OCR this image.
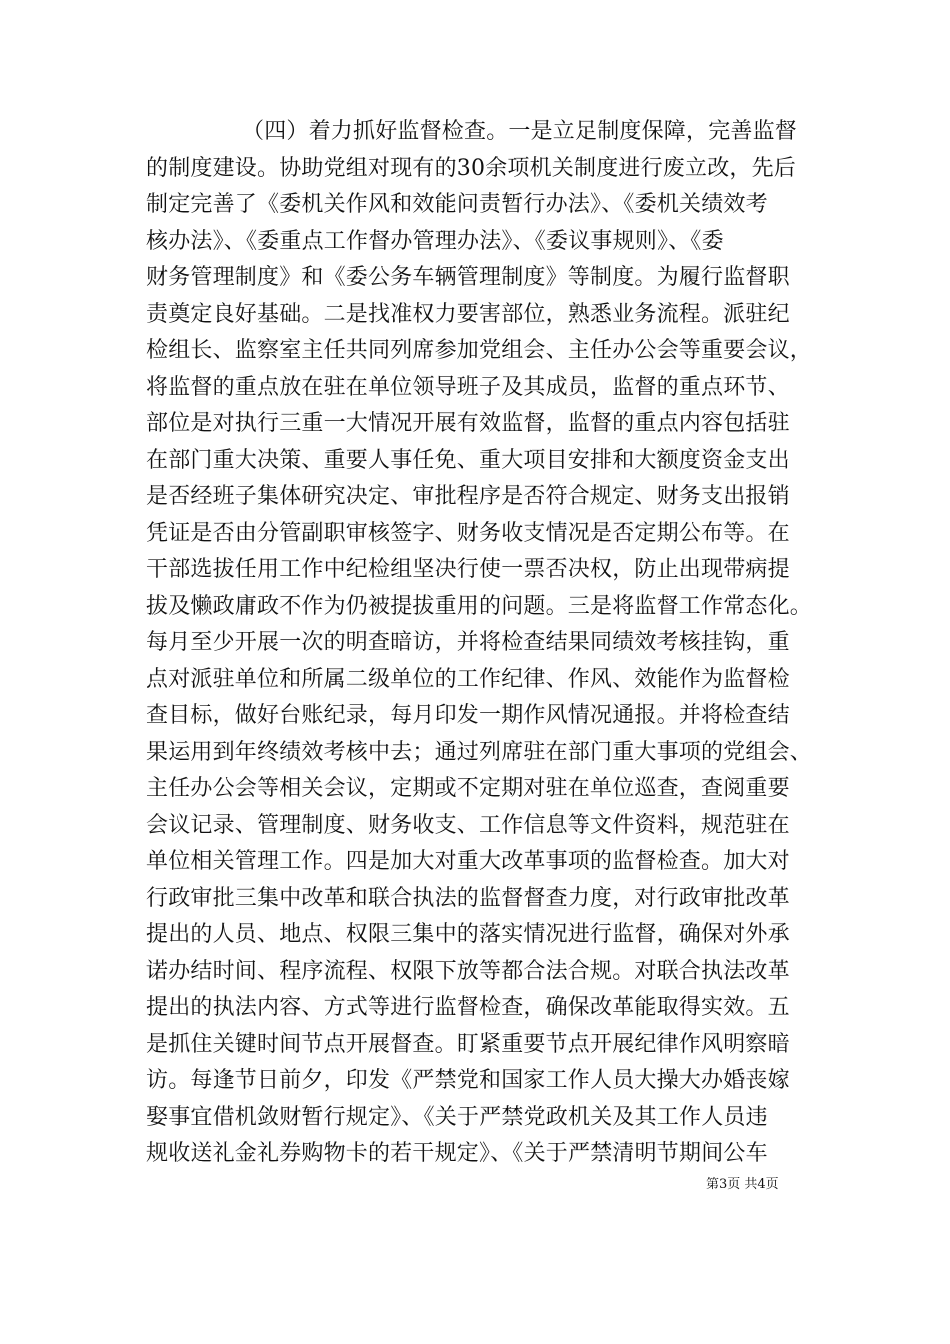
（四）着力抓好监督检查。一是立足制度保障，完善监督
的制度建设。协助党组对现有的30余项机关制度进行废立改，先后
制定完善了《委机关作风和效能问责暂行办法》、《委机关绩效考
核办法》、《委重点工作督办管理办法》、《委议事规则》、《委
财务管理制度》和《委公务车辆管理制度》等制度。为履行监督职
责奠定良好基础。二是找准权力要害部位，熟悉业务流程。派驻纪
检组长、监察室主任共同列席参加党组会、主任办公会等重要会议，
将监督的重点放在驻在单位领导班子及其成员，监督的重点环节、
部位是对执行三重一大情况开展有效监督，监督的重点内容包括驻
在部门重大决策、重要人事任免、重大项目安排和大额度资金支出
是否经班子集体研究决定、审批程序是否符合规定、财务支出报销
凭证是否由分管副职审核签字、财务收支情况是否定期公布等。在
干部选拔任用工作中纪检组坚决行使一票否决权，防止出现带病提
拔及懒政庸政不作为仍被提拔重用的问题。三是将监督工作常态化。
每月至少开展一次的明查暗访，并将检查结果同绩效考核挂钩，重
点对派驻单位和所属二级单位的工作纪律、作风、效能作为监督检
查目标，做好台账纪录，每月印发一期作风情况通报。并将检查结
果运用到年终绩效考核中去；通过列席驻在部门重大事项的党组会、
主任办公会等相关会议，定期或不定期对驻在单位巡查，查阅重要
会议记录、管理制度、财务收支、工作信息等文件资料，规范驻在
单位相关管理工作。四是加大对重大改革事项的监督检查。加大对
行政审批三集中改革和联合执法的监督督查力度，对行政审批改革
提出的人员、地点、权限三集中的落实情况进行监督，确保对外承
诺办结时间、程序流程、权限下放等都合法合规。对联合执法改革
提出的执法内容、方式等进行监督检查，确保改革能取得实效。五
是抓住关键时间节点开展督查。盯紧重要节点开展纪律作风明察暗
访。每逢节日前夕，印发《严禁党和国家工作人员大操大办婚丧嫁
娶事宜借机敛财暂行规定》、《关于严禁党政机关及其工作人员违
规收送礼金礼券购物卡的若干规定》、《关于严禁清明节期间公车
第3页 共4页
